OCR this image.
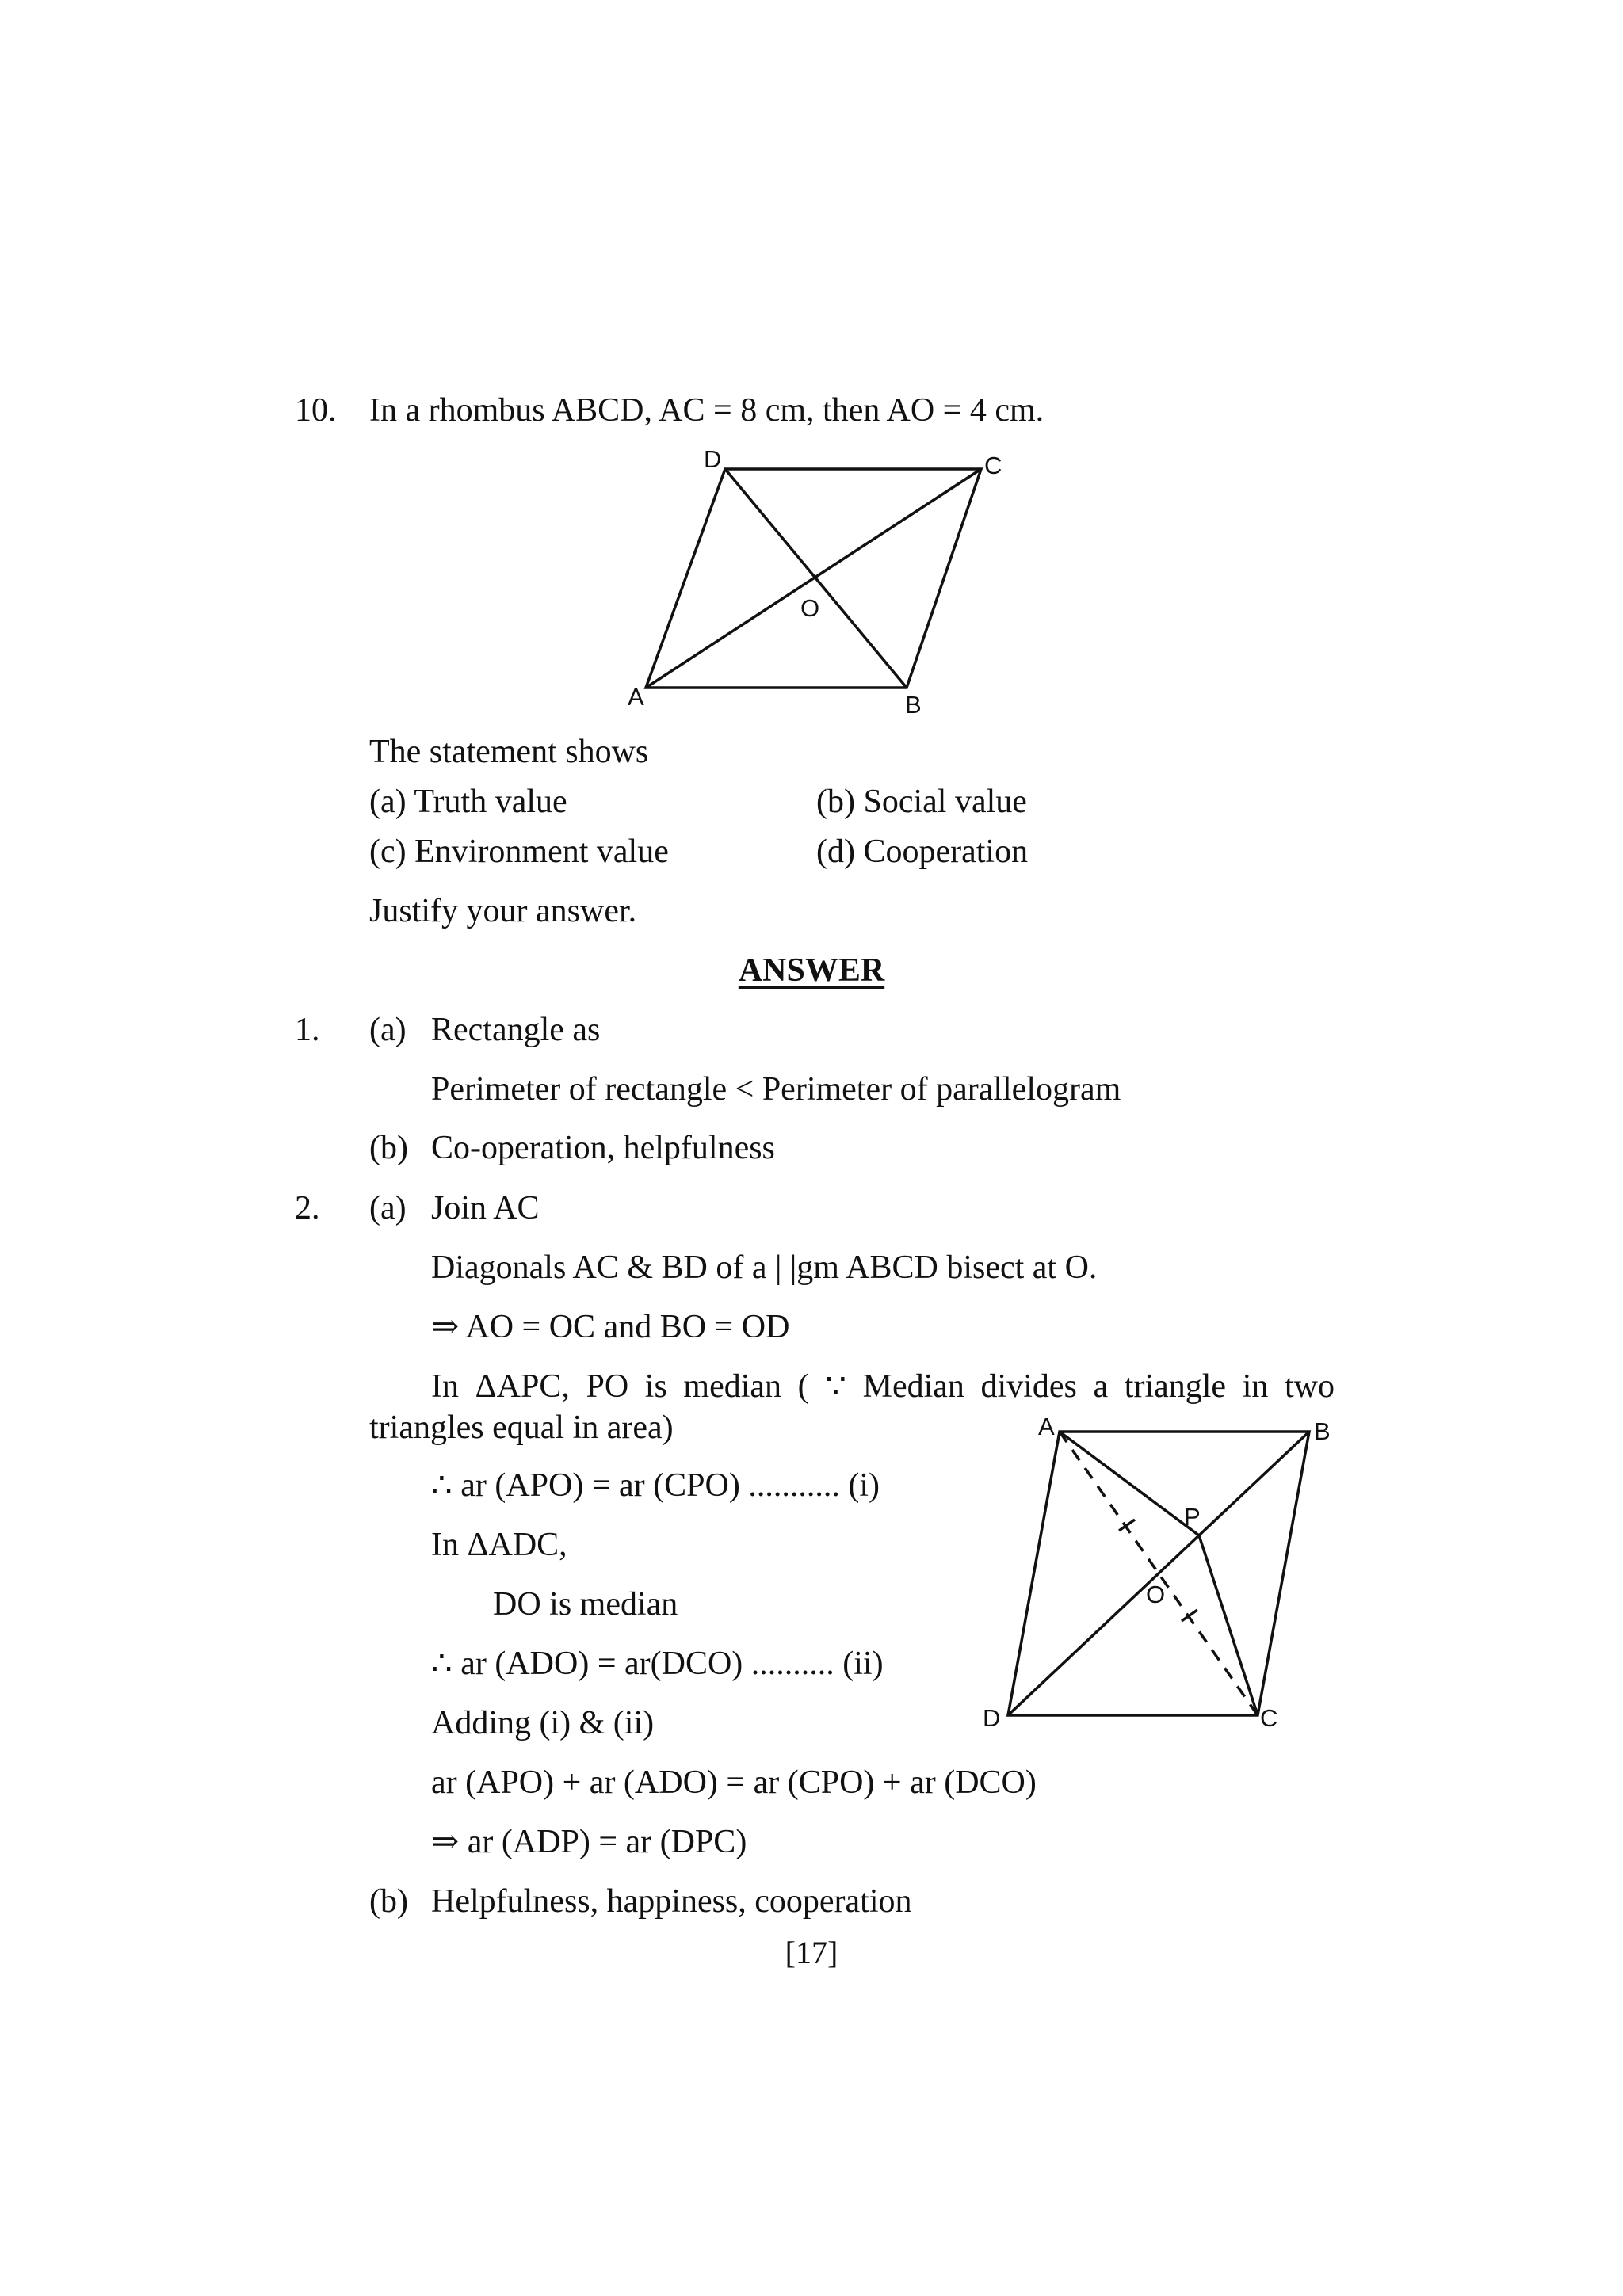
10. In a rhombus ABCD, AC = 8 cm, then AO = 4 cm.
D	C
O
A	B
The statement shows
(a) Truth value	(b) Social value
(c) Environment value	(d) Cooperation
Justify your answer.
ANSWER
1. (a) Rectangle as
Perimeter of rectangle < Perimeter of parallelogram
(b) Co-operation, helpfulness
2. (a) Join AC
Diagonals AC & BD of a | |gm ABCD bisect at O.
⇒ AO = OC and BO = OD
In ΔAPC, PO is median ( ∵ Median divides a triangle in two
triangles equal in area)
∴ ar (APO) = ar (CPO) ........... (i)
In ΔADC,
DO is median
∴ ar (ADO) = ar(DCO) .......... (ii)
Adding (i) & (ii)
ar (APO) + ar (ADO) = ar (CPO) + ar (DCO)
⇒ ar (ADP) = ar (DPC)
(b) Helpfulness, happiness, cooperation
A	B
P
O
D	C
[17]
